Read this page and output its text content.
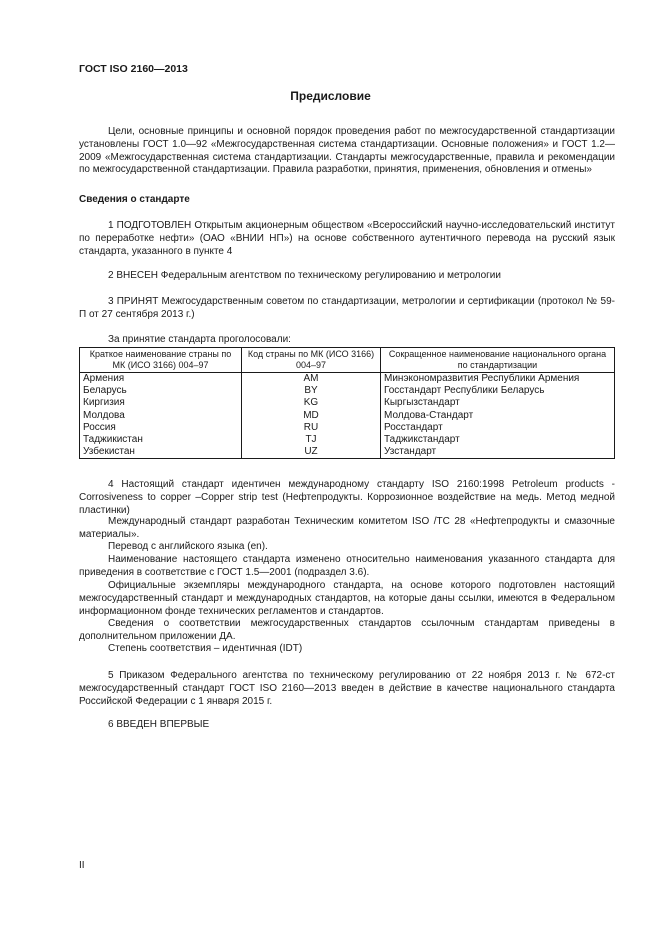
ГОСТ ISO 2160—2013
Предисловие

Цели, основные принципы и основной порядок проведения работ по межгосударственной стандартизации установлены ГОСТ 1.0—92 «Межгосударственная система стандартизации. Основные положения» и ГОСТ 1.2—2009 «Межгосударственная система стандартизации. Стандарты межгосударственные, правила и рекомендации по межгосударственной стандартизации. Правила разработки, принятия, применения, обновления и отмены»

Сведения о стандарте

1 ПОДГОТОВЛЕН Открытым акционерным обществом «Всероссийский научно-исследовательский институт по переработке нефти» (ОАО «ВНИИ НП») на основе собственного аутентичного перевода на русский язык стандарта, указанного в пункте 4

2 ВНЕСЕН Федеральным агентством по техническому регулированию и метрологии

3 ПРИНЯТ Межгосударственным советом по стандартизации, метрологии и сертификации (протокол № 59-П от 27 сентября 2013 г.)

За принятие стандарта проголосовали:

Краткое наименование страны по МК (ИСО 3166) 004–97	Код страны по МК (ИСО 3166) 004–97	Сокращенное наименование национального органа по стандартизации
Армения	AM	Минэкономразвития Республики Армения
Беларусь	BY	Госстандарт Республики Беларусь
Киргизия	KG	Кыргызстандарт
Молдова	MD	Молдова-Стандарт
Россия	RU	Росстандарт
Таджикистан	TJ	Таджикстандарт
Узбекистан	UZ	Узстандарт

4 Настоящий стандарт идентичен международному стандарту ISO 2160:1998 Petroleum products - Corrosiveness to copper –Copper strip test (Нефтепродукты. Коррозионное воздействие на медь. Метод медной пластинки)

Международный стандарт разработан Техническим комитетом ISO /TC 28 «Нефтепродукты и смазочные материалы».

Перевод с английского языка (en).

Наименование настоящего стандарта изменено относительно наименования указанного стандарта для приведения в соответствие с ГОСТ 1.5—2001 (подраздел 3.6).

Официальные экземпляры международного стандарта, на основе которого подготовлен настоящий межгосударственный стандарт и международных стандартов, на которые даны ссылки, имеются в Федеральном информационном фонде технических регламентов и стандартов.

Сведения о соответствии межгосударственных стандартов ссылочным стандартам приведены в дополнительном приложении ДА.

Степень соответствия – идентичная (IDT)

5 Приказом Федерального агентства по техническому регулированию от 22 ноября 2013 г. № 672-ст межгосударственный стандарт ГОСТ ISO 2160—2013 введен в действие в качестве национального стандарта Российской Федерации с 1 января 2015 г.

6 ВВЕДЕН ВПЕРВЫЕ

II
